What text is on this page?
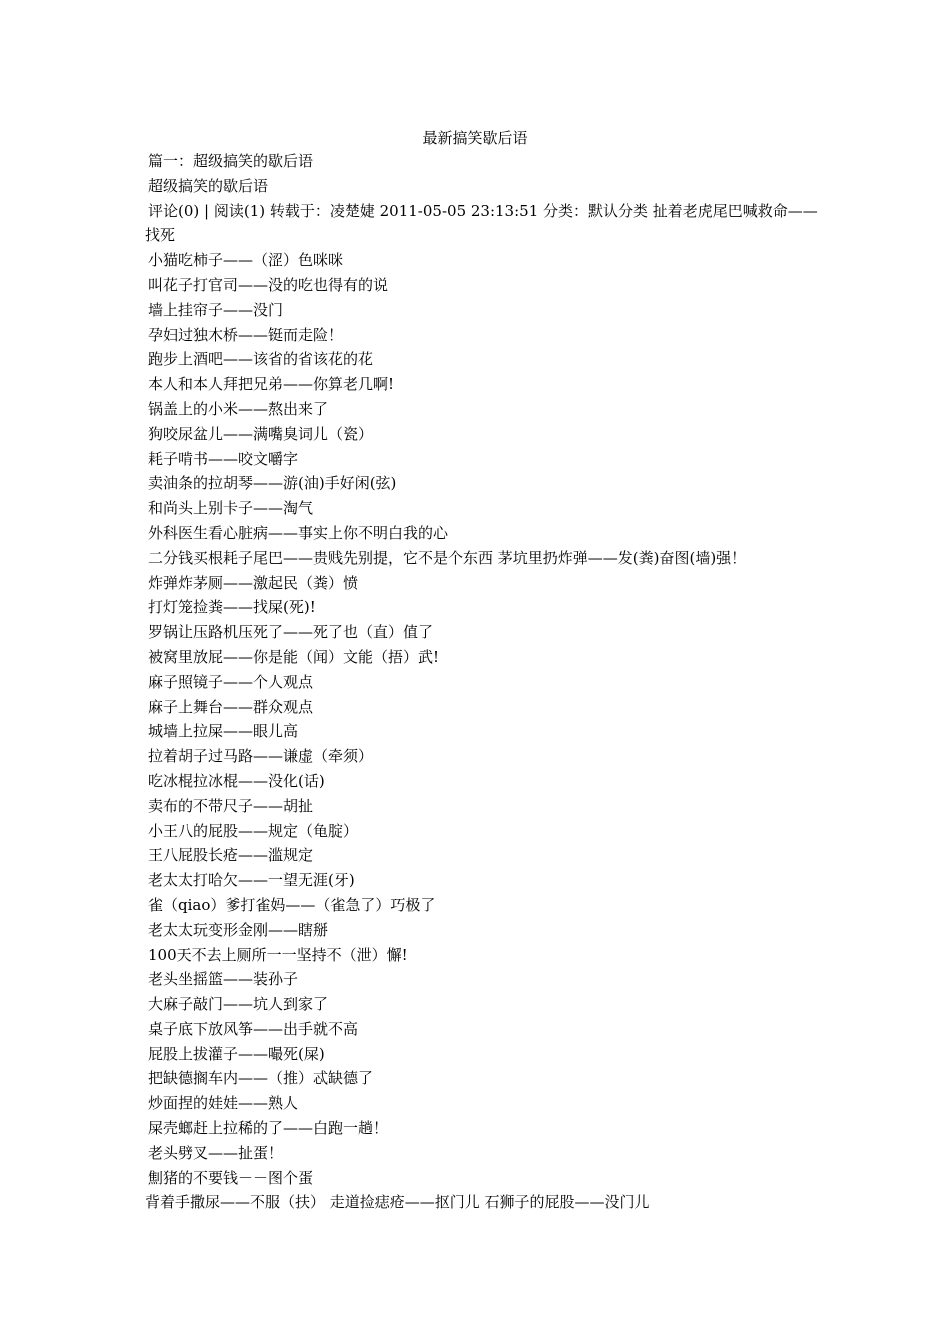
最新搞笑歇后语
篇一：超级搞笑的歇后语
超级搞笑的歇后语
评论(0) | 阅读(1) 转载于：凌楚婕 2011-05-05 23:13:51 分类：默认分类 扯着老虎尾巴喊救命——找死
小猫吃柿子——（涩）色咪咪
叫花子打官司——没的吃也得有的说
墙上挂帘子——没门
孕妇过独木桥——铤而走险！
跑步上酒吧——该省的省该花的花
本人和本人拜把兄弟——你算老几啊!
锅盖上的小米——熬出来了
狗咬尿盆儿——满嘴臭词儿（瓷）
耗子啃书——咬文嚼字
卖油条的拉胡琴——游(油)手好闲(弦)
和尚头上别卡子——淘气
外科医生看心脏病——事实上你不明白我的心
二分钱买根耗子尾巴——贵贱先别提，它不是个东西 茅坑里扔炸弹——发(粪)奋图(墙)强！
炸弹炸茅厕——激起民（粪）愤
打灯笼捡粪——找屎(死)!
罗锅让压路机压死了——死了也（直）值了
被窝里放屁——你是能（闻）文能（捂）武!
麻子照镜子——个人观点
麻子上舞台——群众观点
城墙上拉屎——眼儿高
拉着胡子过马路——谦虚（牵须）
吃冰棍拉冰棍——没化(话)
卖布的不带尺子——胡扯
小王八的屁股——规定（龟腚）
王八屁股长疮——滥规定
老太太打哈欠——一望无涯(牙)
雀（qiao）爹打雀妈——（雀急了）巧极了
老太太玩变形金刚——瞎掰
100天不去上厕所一一坚持不（泄）懈!
老头坐摇篮——装孙子
大麻子敲门——坑人到家了
桌子底下放风筝——出手就不高
屁股上拔灌子——嘬死(屎)
把缺德搁车内——（推）忒缺德了
炒面捏的娃娃——熟人
屎壳螂赶上拉稀的了——白跑一趟！
老头劈叉——扯蛋！
劁猪的不要钱－－图个蛋
背着手撒尿——不服（扶） 走道捡痣疮——抠门儿 石狮子的屁股——没门儿
